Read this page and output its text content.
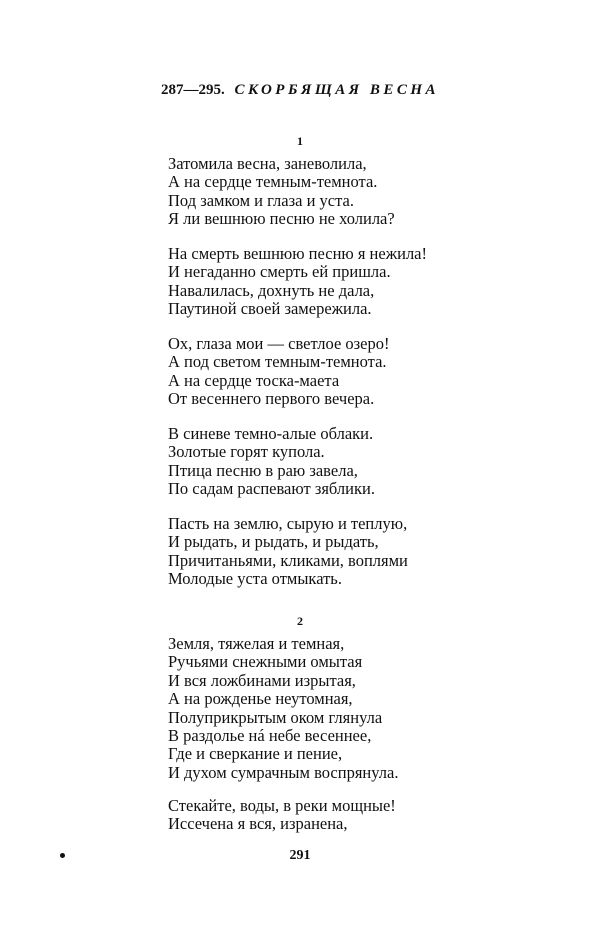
287—295. СКОРБЯЩАЯ ВЕСНА
1
Затомила весна, заневолила,
А на сердце темным-темнота.
Под замком и глаза и уста.
Я ли вешнюю песню не холила?
На смерть вешнюю песню я нежила!
И негаданно смерть ей пришла.
Навалилась, дохнуть не дала,
Паутиной своей замережила.
Ох, глаза мои — светлое озеро!
А под светом темным-темнота.
А на сердце тоска-маета
От весеннего первого вечера.
В синеве темно-алые облаки.
Золотые горят купола.
Птица песню в раю завела,
По садам распевают зяблики.
Пасть на землю, сырую и теплую,
И рыдать, и рыдать, и рыдать,
Причитаньями, кликами, воплями
Молодые уста отмыкать.
2
Земля, тяжелая и темная,
Ручьями снежными омытая
И вся ложбинами изрытая,
А на рожденье неутомная,
Полуприкрытым оком глянула
В раздолье нá небе весеннее,
Где и сверкание и пение,
И духом сумрачным воспрянула.
Стекайте, воды, в реки мощные!
Иссечена я вся, изранена,
291
